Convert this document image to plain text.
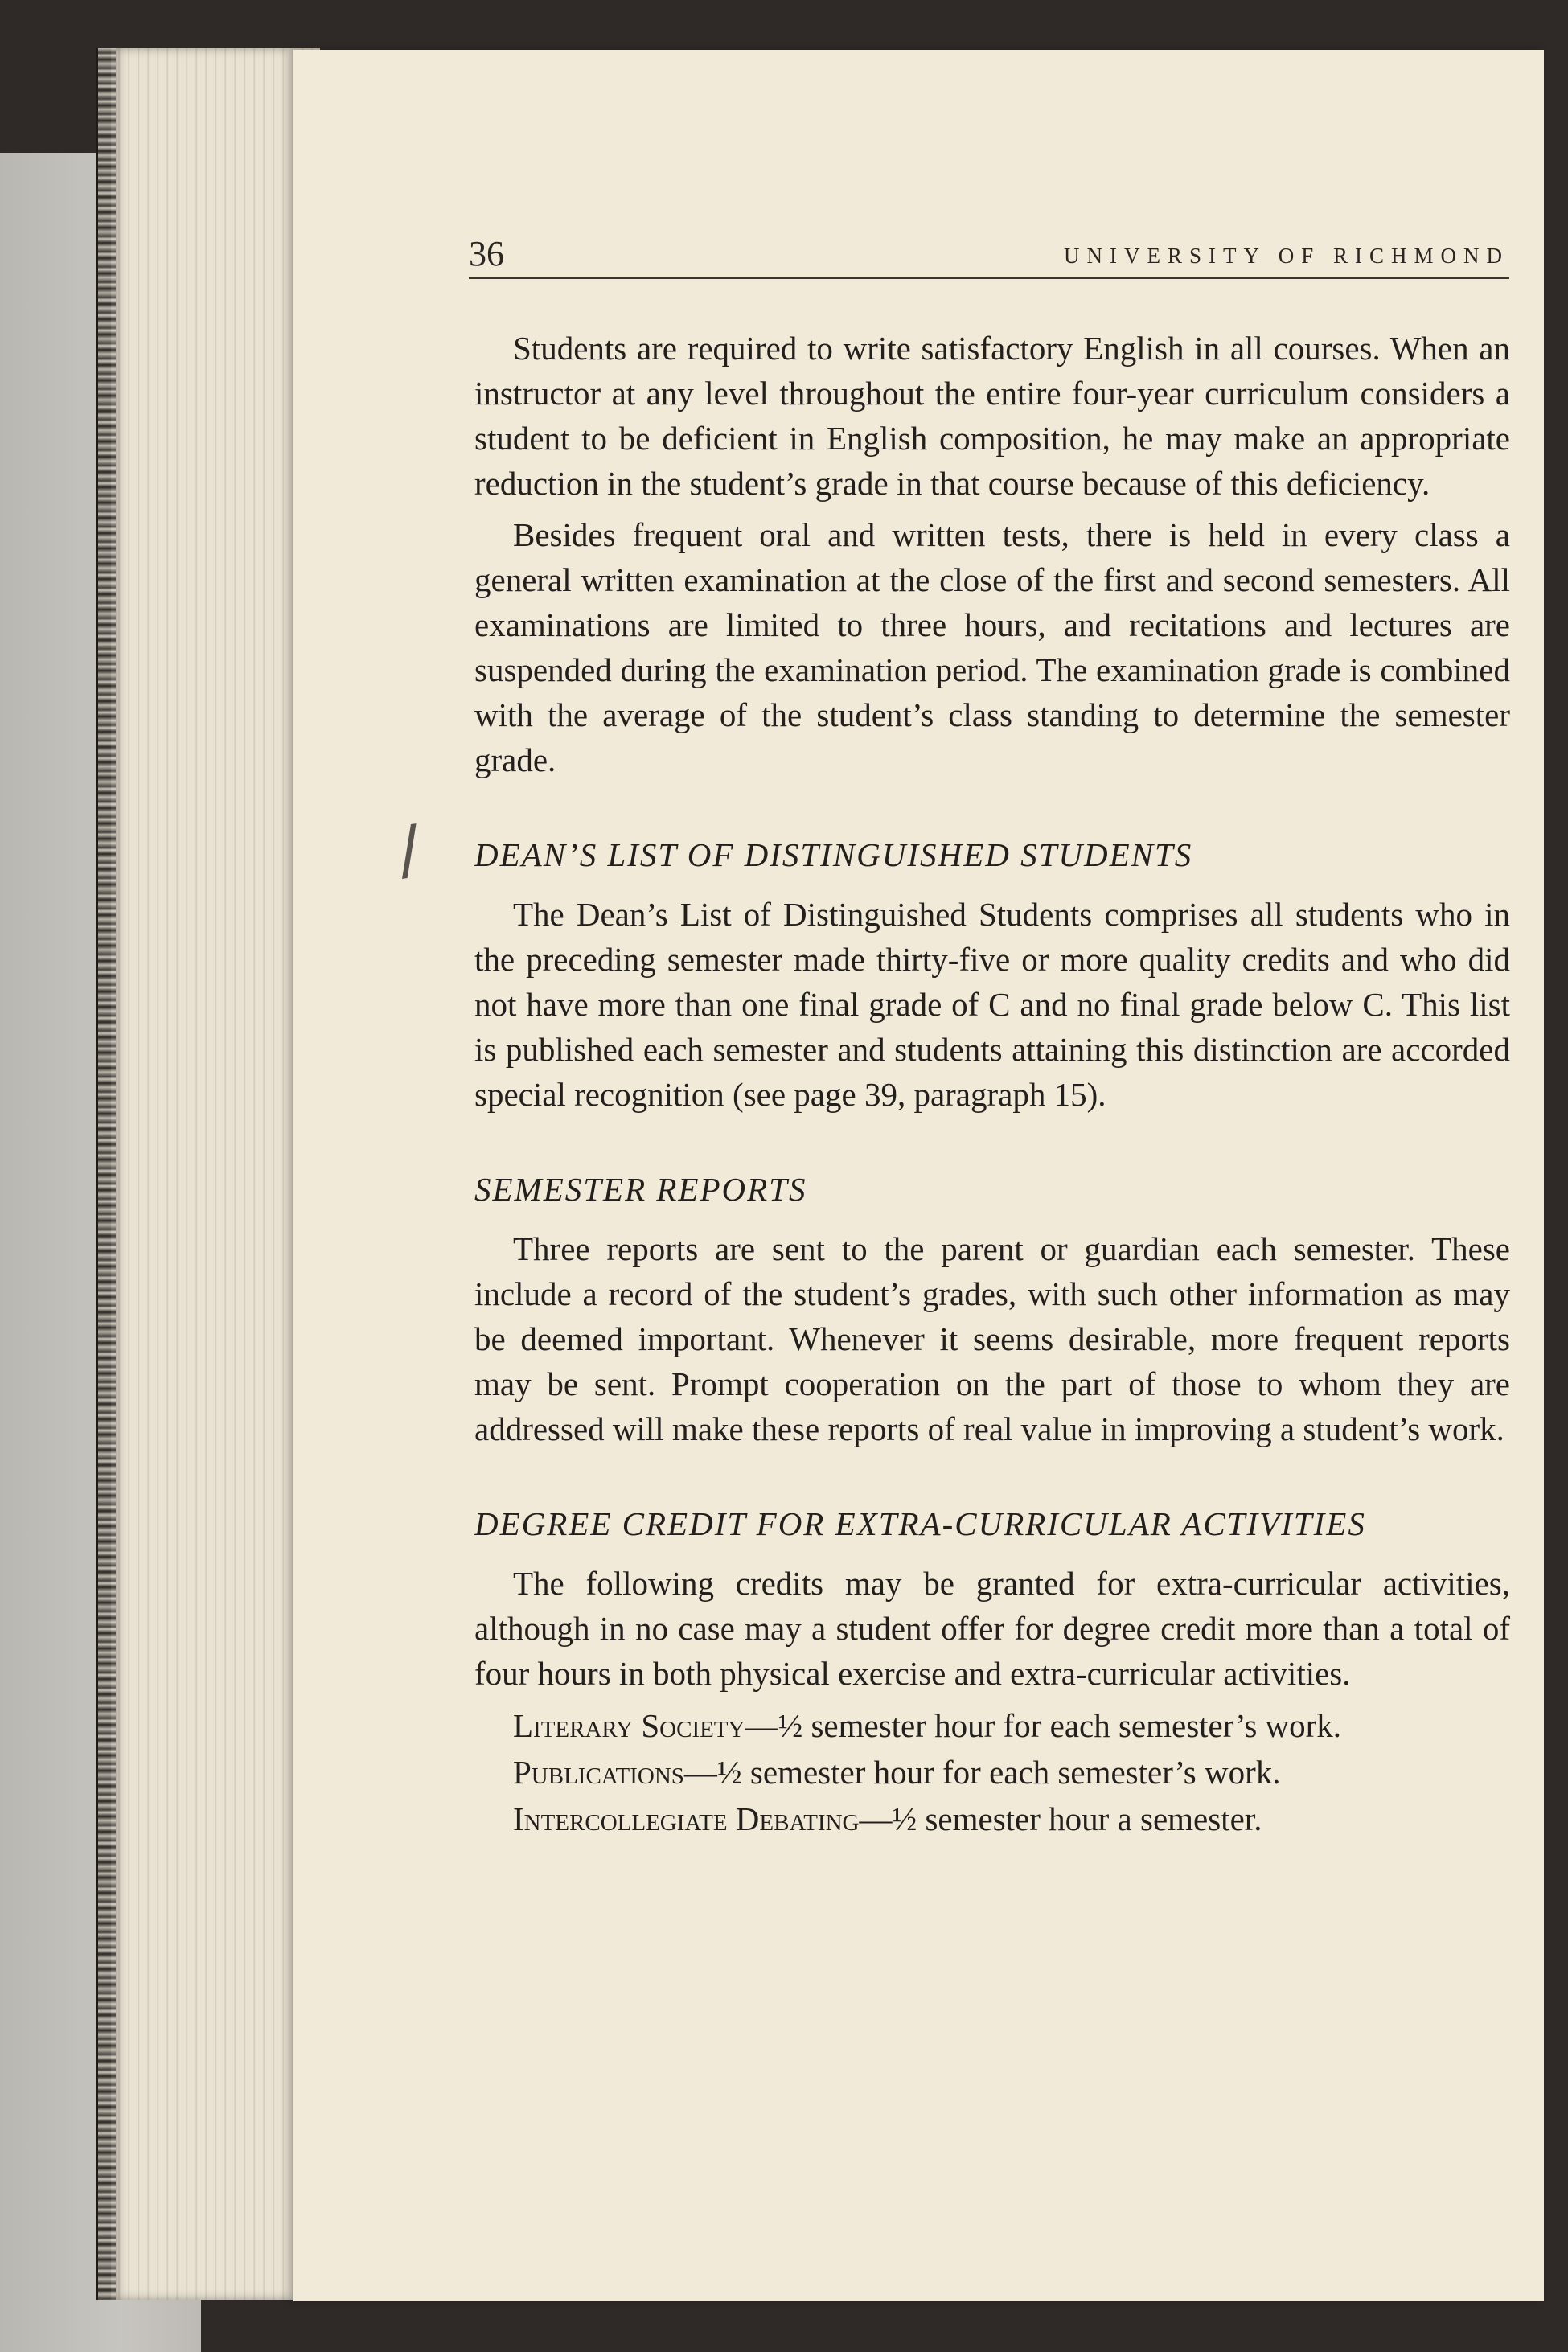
36	UNIVERSITY OF RICHMOND
/

Students are required to write satisfactory English in all courses. When an instructor at any level throughout the entire four-year curriculum considers a student to be deficient in English composition, he may make an appropriate reduction in the student’s grade in that course because of this deficiency.

Besides frequent oral and written tests, there is held in every class a general written examination at the close of the first and second semesters. All examinations are limited to three hours, and recitations and lectures are suspended during the examination period. The examination grade is combined with the average of the student’s class standing to determine the semester grade.

DEAN’S LIST OF DISTINGUISHED STUDENTS

The Dean’s List of Distinguished Students comprises all students who in the preceding semester made thirty-five or more quality credits and who did not have more than one final grade of C and no final grade below C. This list is published each semester and students attaining this distinction are accorded special recognition (see page 39, paragraph 15).

SEMESTER REPORTS

Three reports are sent to the parent or guardian each semester. These include a record of the student’s grades, with such other information as may be deemed important. Whenever it seems desirable, more frequent reports may be sent. Prompt cooperation on the part of those to whom they are addressed will make these reports of real value in improving a student’s work.

DEGREE CREDIT FOR EXTRA-CURRICULAR ACTIVITIES

The following credits may be granted for extra-curricular activities, although in no case may a student offer for degree credit more than a total of four hours in both physical exercise and extra-curricular activities.

Literary Society—½ semester hour for each semester’s work.

Publications—½ semester hour for each semester’s work.

Intercollegiate Debating—½ semester hour a semester.
